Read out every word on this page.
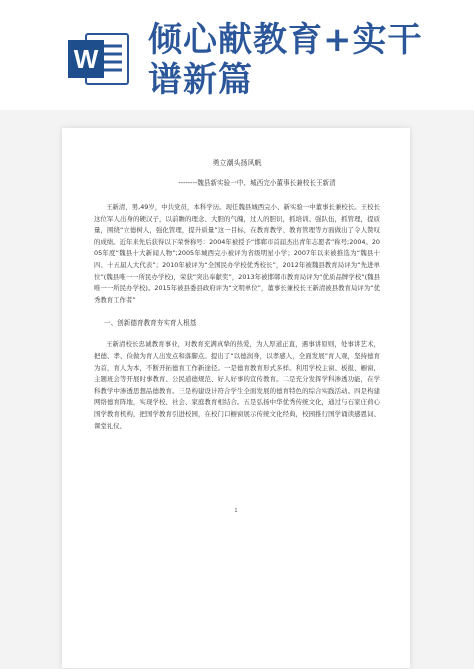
W 倾心献教育+实干
谱新篇
勇立潮头扬风帆
--------魏县新实验一中、城西完小董事长兼校长王新清

王新清，男,49岁，中共党员，本科学历。现任魏县城西完小、新实验一中董事长兼校长。王校长这位军人出身的硬汉子，以前瞻的理念、大胆的气魄，过人的胆识，抓培训、强队伍，抓管理，提质量，围绕“立德树人，强化管理，提升质量”这一目标，在教育教学、教育管理等方面做出了令人赞叹的成绩。近年来先后获得以下荣誉称号：2004年被授予“邯郸市首届杰出青年志愿者”称号;2004。2005年度“魏县十大新闻人物”;2005年城西完小被评为省级明星小学；2007年以来被推选为“魏县十四、十五届人大代表”；2010年被评为“全国民办学校优秀校长”，2012年被魏县教育局评为“先进单位”(魏县唯一一所民办学校)，荣获“突出奉献奖”，2013年被邯郸市教育局评为“优质品牌学校”(魏县唯一一所民办学校)。2015年被县委县政府评为“文明单位”，董事长兼校长王新清被县教育局评为“优秀教育工作者”

一、创新德育教育夯实育人根基

王新清校长忠诚教育事业，对教育充满真挚的热爱，为人厚道正直，遇事讲原则，处事讲艺术，把德、孝、俭做为育人出发点和落脚点。提出了“以德润身，以孝感人，全面发展”育人观，坚持德育为首，育人为本，不断开拓德育工作新途径。一是德育教育形式多样。利用学校主窗、板报、橱窗，主题班会等开展时事教育、公民道德规范、好人好事的宣传教育。二是充分发挥学科渗透功能，在学科教学中渗透思想品德教育。三是构建设计符合学生全面发展的德育特色的综合实践活动。四是构建网络德育阵地，实现学校、社会、家庭教育相结合。五是弘扬中华优秀传统文化，通过与石家庄荷心国学教育机构，把国学教育引进校园，在校门口橱窗展示传统文化经典，校园推行国学诵读感恩词、课堂礼仪、

1
